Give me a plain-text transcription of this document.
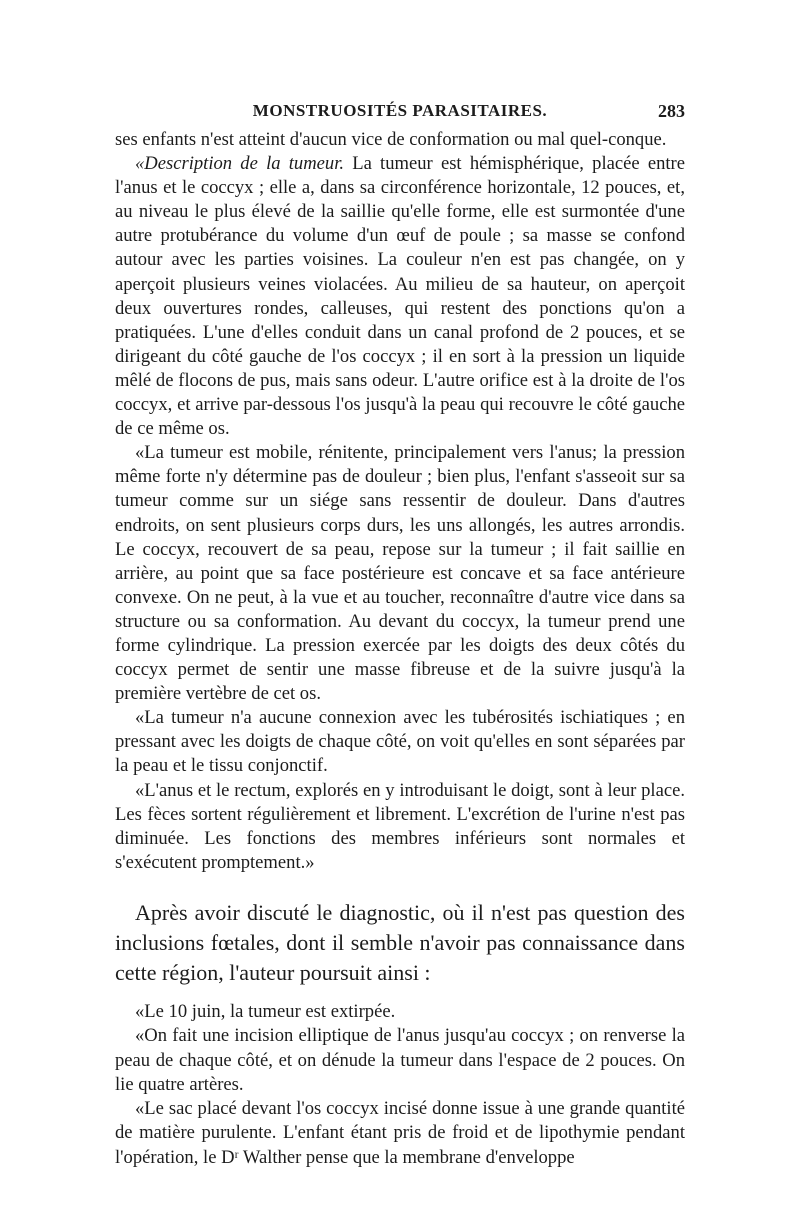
MONSTRUOSITÉS PARASITAIRES.	283

ses enfants n'est atteint d'aucun vice de conformation ou mal quel-conque.

«Description de la tumeur. La tumeur est hémisphérique, placée entre l'anus et le coccyx ; elle a, dans sa circonférence horizontale, 12 pouces, et, au niveau le plus élevé de la saillie qu'elle forme, elle est surmontée d'une autre protubérance du volume d'un œuf de poule ; sa masse se confond autour avec les parties voisines. La couleur n'en est pas changée, on y aperçoit plusieurs veines violacées. Au milieu de sa hauteur, on aperçoit deux ouvertures rondes, calleuses, qui restent des ponctions qu'on a pratiquées. L'une d'elles conduit dans un canal profond de 2 pouces, et se dirigeant du côté gauche de l'os coccyx ; il en sort à la pression un liquide mêlé de flocons de pus, mais sans odeur. L'autre orifice est à la droite de l'os coccyx, et arrive par-dessous l'os jusqu'à la peau qui recouvre le côté gauche de ce même os.

«La tumeur est mobile, rénitente, principalement vers l'anus; la pression même forte n'y détermine pas de douleur ; bien plus, l'enfant s'asseoit sur sa tumeur comme sur un siége sans ressentir de douleur. Dans d'autres endroits, on sent plusieurs corps durs, les uns allongés, les autres arrondis. Le coccyx, recouvert de sa peau, repose sur la tumeur ; il fait saillie en arrière, au point que sa face postérieure est concave et sa face antérieure convexe. On ne peut, à la vue et au toucher, reconnaître d'autre vice dans sa structure ou sa conformation. Au devant du coccyx, la tumeur prend une forme cylindrique. La pression exercée par les doigts des deux côtés du coccyx permet de sentir une masse fibreuse et de la suivre jusqu'à la première vertèbre de cet os.

«La tumeur n'a aucune connexion avec les tubérosités ischiatiques ; en pressant avec les doigts de chaque côté, on voit qu'elles en sont séparées par la peau et le tissu conjonctif.

«L'anus et le rectum, explorés en y introduisant le doigt, sont à leur place. Les fèces sortent régulièrement et librement. L'excrétion de l'urine n'est pas diminuée. Les fonctions des membres inférieurs sont normales et s'exécutent promptement.»

Après avoir discuté le diagnostic, où il n'est pas question des inclusions fœtales, dont il semble n'avoir pas connaissance dans cette région, l'auteur poursuit ainsi :

«Le 10 juin, la tumeur est extirpée.

«On fait une incision elliptique de l'anus jusqu'au coccyx ; on renverse la peau de chaque côté, et on dénude la tumeur dans l'espace de 2 pouces. On lie quatre artères.

«Le sac placé devant l'os coccyx incisé donne issue à une grande quantité de matière purulente. L'enfant étant pris de froid et de lipothymie pendant l'opération, le Dʳ Walther pense que la membrane d'enveloppe
